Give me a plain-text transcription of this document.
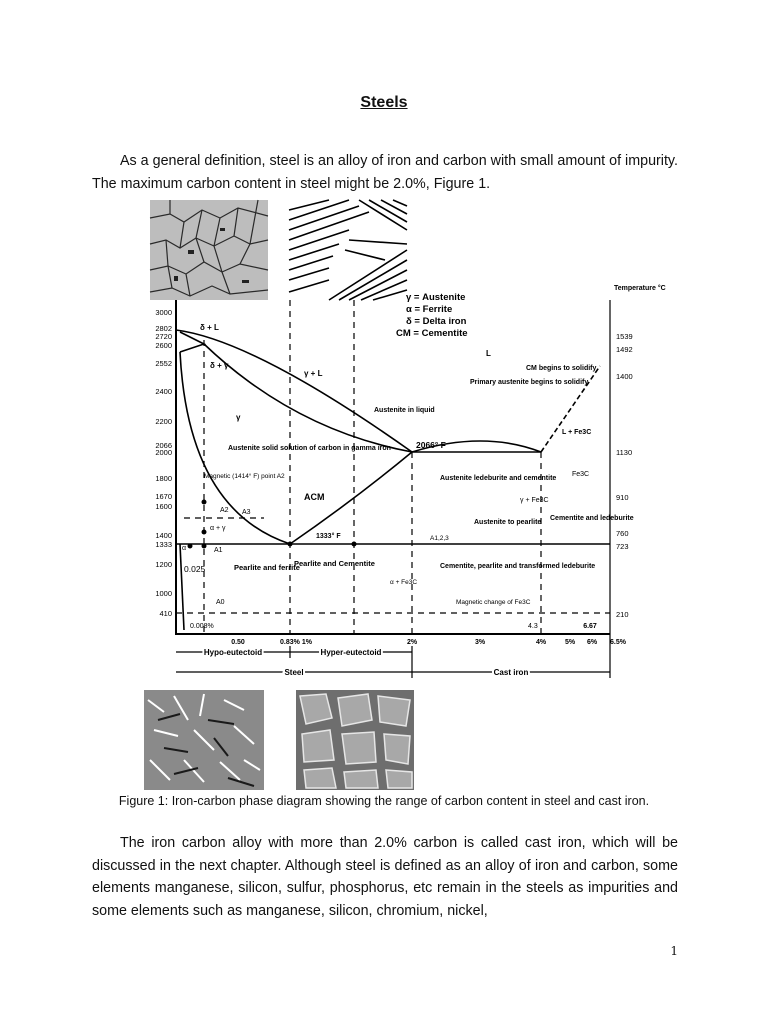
Steels
As a general definition, steel is an alloy of iron and carbon with small amount of impurity. The maximum carbon content in steel might be 2.0%, Figure 1.
3000
2802
2720
2600
2552
2400
2200
2066
2000
1800
1670
1600
1400
1333
1200
1000
410
Temperature °C
1539
1492
1400
1130
910
760
723
210
δ + L
δ + γ
γ + L
L
γ
Austenite in liquid
Primary austenite begins to solidify
CM begins to solidify
L + Fe3C
2066° F
Austenite solid solution of carbon in gamma iron
Magnetic (1414° F) point A2
ACM
A2 A3
α + γ
A1
α
1333° F	A1,2,3
Austenite ledeburite and cementite
γ + Fe3C
Fe3C
Austenite to pearlite
Cementite and ledeburite
0.025	Pearlite and ferrite
Pearlite and Cementite	Cementite, pearlite and transformed ledeburite
α + Fe3C
A0	Magnetic change of Fe3C
0.008%	4.3
γ = Austenite
α = Ferrite
δ = Delta iron
CM = Cementite
0.50	0.83% 1%	2%	3%	4%	5% 6%
6.67
6.5%
Hypo-eutectoid	Hyper-eutectoid
Steel	Cast iron
Figure 1: Iron-carbon phase diagram showing the range of carbon content in steel and cast iron.
The iron carbon alloy with more than 2.0% carbon is called cast iron, which will be discussed in the next chapter. Although steel is defined as an alloy of iron and carbon, some elements manganese, silicon, sulfur, phosphorus, etc remain in the steels as impurities and some elements such as manganese, silicon, chromium, nickel,
1
